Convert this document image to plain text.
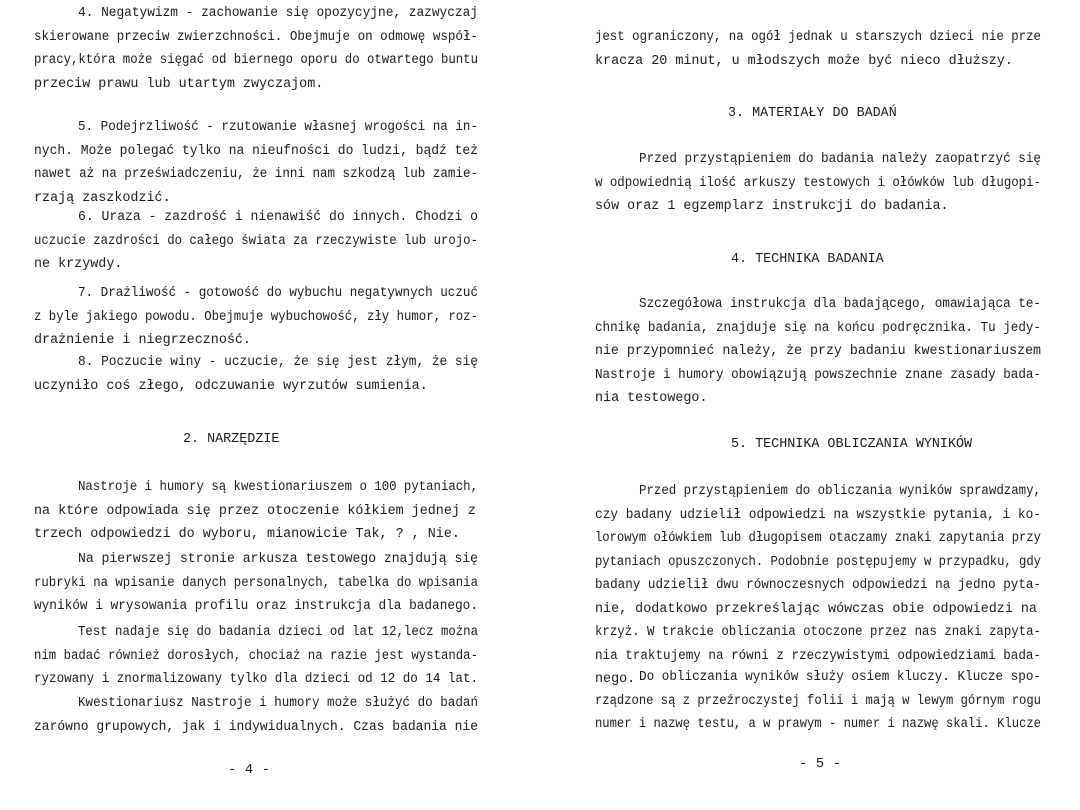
4. Negatywizm - zachowanie się opozycyjne, zazwyczaj
skierowane przeciw zwierzchności. Obejmuje on odmowę współ-
pracy,która może sięgać od biernego oporu do otwartego buntu
przeciw prawu lub utartym zwyczajom.
5. Podejrzliwość - rzutowanie własnej wrogości na in-
nych. Może polegać tylko na nieufności do ludzi, bądź też
nawet aż na przeświadczeniu, że inni nam szkodzą lub zamie-
rzają zaszkodzić.
6. Uraza - zazdrość i nienawiść do innych. Chodzi o
uczucie zazdrości do całego świata za rzeczywiste lub urojo-
ne krzywdy.
7. Drażliwość - gotowość do wybuchu negatywnych uczuć
z byle jakiego powodu. Obejmuje wybuchowość, zły humor, roz-
drażnienie i niegrzeczność.
8. Poczucie winy - uczucie, że się jest złym, że się
uczyniło coś złego, odczuwanie wyrzutów sumienia.
2. NARZĘDZIE
Nastroje i humory są kwestionariuszem o 100 pytaniach,
na które odpowiada się przez otoczenie kółkiem jednej z
trzech odpowiedzi do wyboru, mianowicie Tak, ? , Nie.
Na pierwszej stronie arkusza testowego znajdują się
rubryki na wpisanie danych personalnych, tabelka do wpisania
wyników i wrysowania profilu oraz instrukcja dla badanego.
Test nadaje się do badania dzieci od lat 12,lecz można
nim badać również dorosłych, chociaż na razie jest wystanda-
ryzowany i znormalizowany tylko dla dzieci od 12 do 14 lat.
Kwestionariusz Nastroje i humory może służyć do badań
zarówno grupowych, jak i indywidualnych. Czas badania nie
- 4 -
jest ograniczony, na ogół jednak u starszych dzieci nie prze
kracza 20 minut, u młodszych może być nieco dłuższy.
3. MATERIAŁY DO BADAŃ
Przed przystąpieniem do badania należy zaopatrzyć się
w odpowiednią ilość arkuszy testowych i ołówków lub długopi-
sów oraz 1 egzemplarz instrukcji do badania.
4. TECHNIKA BADANIA
Szczegółowa instrukcja dla badającego, omawiająca te-
chnikę badania, znajduje się na końcu podręcznika. Tu jedy-
nie przypomnieć należy, że przy badaniu kwestionariuszem
Nastroje i humory obowiązują powszechnie znane zasady bada-
nia testowego.
5. TECHNIKA OBLICZANIA WYNIKÓW
Przed przystąpieniem do obliczania wyników sprawdzamy,
czy badany udzielił odpowiedzi na wszystkie pytania, i ko-
lorowym ołówkiem lub długopisem otaczamy znaki zapytania przy
pytaniach opuszczonych. Podobnie postępujemy w przypadku, gdy
badany udzielił dwu równoczesnych odpowiedzi na jedno pyta-
nie, dodatkowo przekreślając wówczas obie odpowiedzi na
krzyż. W trakcie obliczania otoczone przez nas znaki zapyta-
nia traktujemy na równi z rzeczywistymi odpowiedziami bada-
nego. Do obliczania wyników służy osiem kluczy. Klucze spo-
rządzone są z przeźroczystej folii i mają w lewym górnym rogu
numer i nazwę testu, a w prawym - numer i nazwę skali. Klucze
- 5 -
